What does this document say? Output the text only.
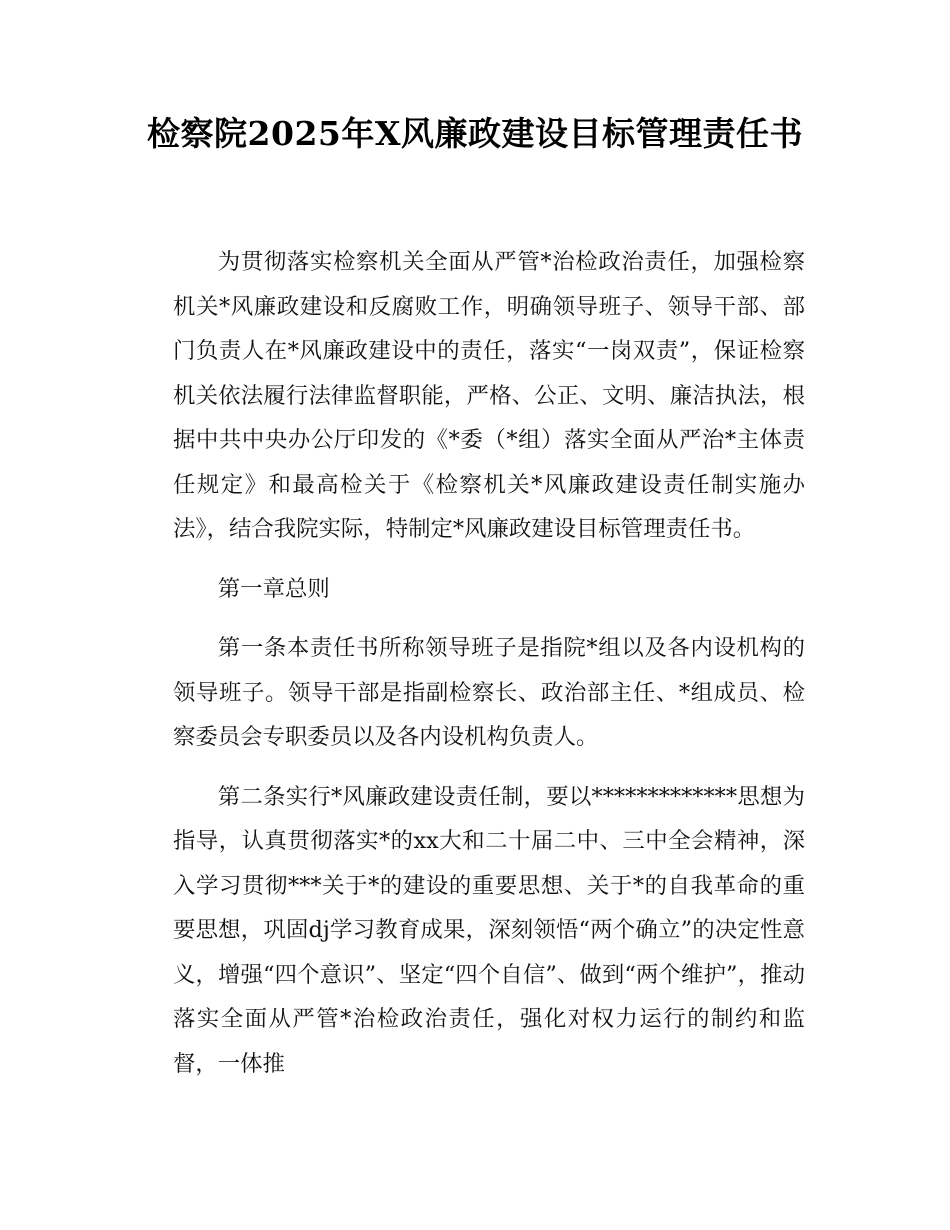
检察院2025年X风廉政建设目标管理责任书

为贯彻落实检察机关全面从严管*治检政治责任，加强检察机关*风廉政建设和反腐败工作，明确领导班子、领导干部、部门负责人在*风廉政建设中的责任，落实“一岗双责”，保证检察机关依法履行法律监督职能，严格、公正、文明、廉洁执法，根据中共中央办公厅印发的《*委（*组）落实全面从严治*主体责任规定》和最高检关于《检察机关*风廉政建设责任制实施办法》，结合我院实际，特制定*风廉政建设目标管理责任书。

第一章总则

第一条本责任书所称领导班子是指院*组以及各内设机构的领导班子。领导干部是指副检察长、政治部主任、*组成员、检察委员会专职委员以及各内设机构负责人。

第二条实行*风廉政建设责任制，要以*************思想为指导，认真贯彻落实*的xx大和二十届二中、三中全会精神，深入学习贯彻***关于*的建设的重要思想、关于*的自我革命的重要思想，巩固dj学习教育成果，深刻领悟“两个确立”的决定性意义，增强“四个意识”、坚定“四个自信”、做到“两个维护”，推动落实全面从严管*治检政治责任，强化对权力运行的制约和监督，一体推
